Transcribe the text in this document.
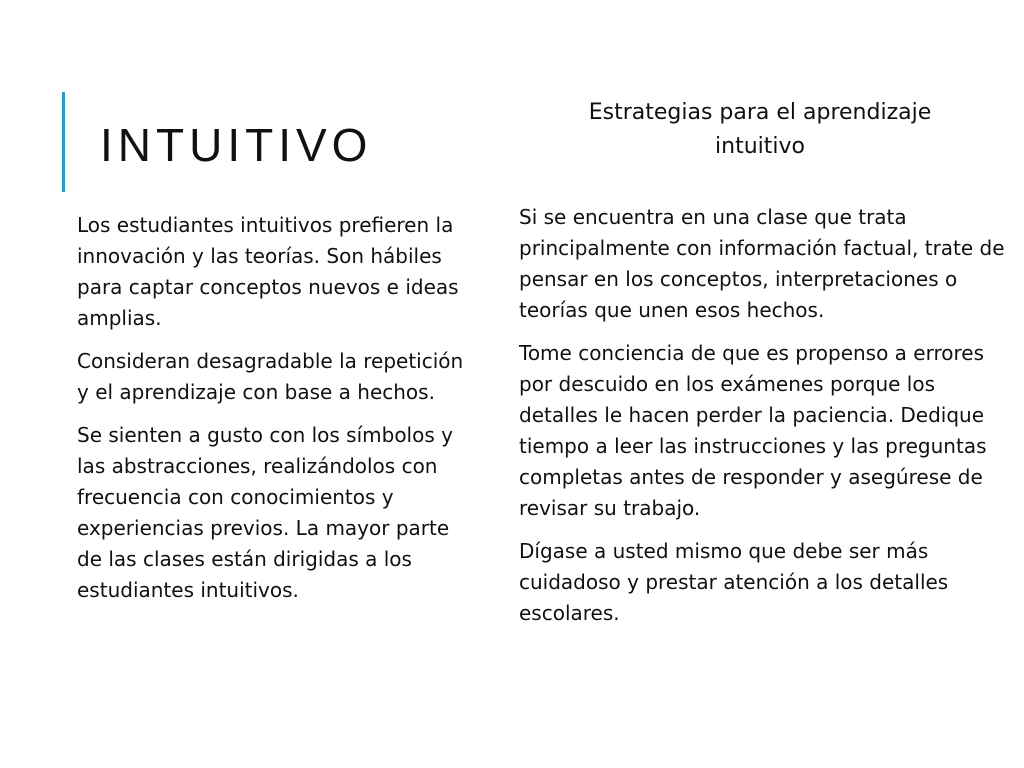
INTUITIVO
Estrategias para el aprendizaje intuitivo

Los estudiantes intuitivos prefieren la innovación y las teorías. Son hábiles para captar conceptos nuevos e ideas amplias.

Consideran desagradable la repetición y el aprendizaje con base a hechos.

Se sienten a gusto con los símbolos y las abstracciones, realizándolos con frecuencia con conocimientos y experiencias previos. La mayor parte de las clases están dirigidas a los estudiantes intuitivos.

Si se encuentra en una clase que trata principalmente con información factual, trate de pensar en los conceptos, interpretaciones o teorías que unen esos hechos.

Tome conciencia de que es propenso a errores por descuido en los exámenes porque los detalles le hacen perder la paciencia. Dedique tiempo a leer las instrucciones y las preguntas completas antes de responder y asegúrese de revisar su trabajo.

Dígase a usted mismo que debe ser más cuidadoso y prestar atención a los detalles escolares.
